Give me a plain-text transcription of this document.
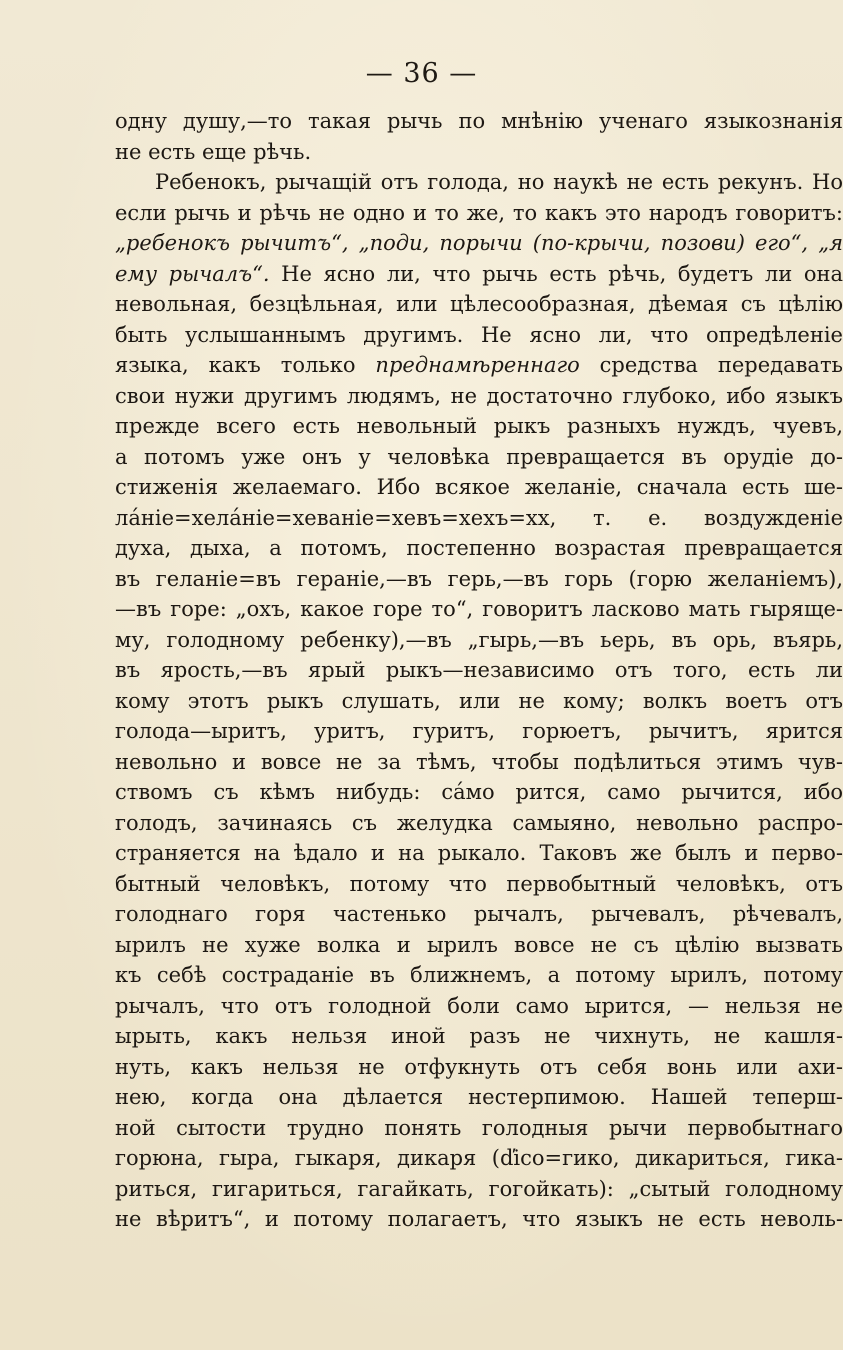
— 36 —
одну душу,—то такая рычь по мнѣнію ученаго языкознанія
не есть еще рѣчь.
Ребенокъ, рычащій отъ голода, но наукѣ не есть рекунъ. Но
если рычь и рѣчь не одно и то же, то какъ это народъ говоритъ:
„ребенокъ рычитъ“, „поди, порычи (по-крычи, позови) его“, „я
ему рычалъ“. Не ясно ли, что рычь есть рѣчь, будетъ ли она
невольная, безцѣльная, или цѣлесообразная, дѣемая съ цѣлію
быть услышаннымъ другимъ. Не ясно ли, что опредѣленіе
языка, какъ только преднамѣреннаго средства передавать
свои нужи другимъ людямъ, не достаточно глубоко, ибо языкъ
прежде всего есть невольный рыкъ разныхъ нуждъ, чуевъ,
а потомъ уже онъ у человѣка превращается въ орудіе до-
стиженія желаемаго. Ибо всякое желаніе, сначала есть ше-
ла́ніе=хела́ніе=хеваніе=хевъ=хехъ=хх, т. е. воздужденіе
духа, дыха, а потомъ, постепенно возрастая превращается
въ геланіе=въ гераніе,—въ герь,—въ горь (горю желаніемъ),
—въ горе: „охъ, какое горе то“, говоритъ ласково мать гыряще-
му, голодному ребенку),—въ „гырь,—въ ьерь, въ орь, въярь,
въ ярость,—въ ярый рыкъ—независимо отъ того, есть ли
кому этотъ рыкъ слушать, или не кому; волкъ воетъ отъ
голода—ыритъ, уритъ, гуритъ, горюетъ, рычитъ, ярится
невольно и вовсе не за тѣмъ, чтобы подѣлиться этимъ чув-
ствомъ съ кѣмъ нибудь: са́мо рится, само рычится, ибо
голодъ, зачинаясь съ желудка самыяно, невольно распро-
страняется на ѣдало и на рыкало. Таковъ же былъ и перво-
бытный человѣкъ, потому что первобытный человѣкъ, отъ
голоднаго горя частенько рычалъ, рычевалъ, рѣчевалъ,
ырилъ не хуже волка и ырилъ вовсе не съ цѣлію вызвать
къ себѣ состраданіе въ ближнемъ, а потому ырилъ, потому
рычалъ, что отъ голодной боли само ырится, — нельзя не
ырыть, какъ нельзя иной разъ не чихнуть, не кашля-
нуть, какъ нельзя не отфукнуть отъ себя вонь или ахи-
нею, когда она дѣлается нестерпимою. Нашей теперш-
ной сытости трудно понять голодныя рычи первобытнаго
горюна, гыра, гыкаря, дикаря (ďico=гико, дикариться, гика-
риться, гигариться, гагайкать, гогойкать): „сытый голодному
не вѣритъ“, и потому полагаетъ, что языкъ не есть неволь-
